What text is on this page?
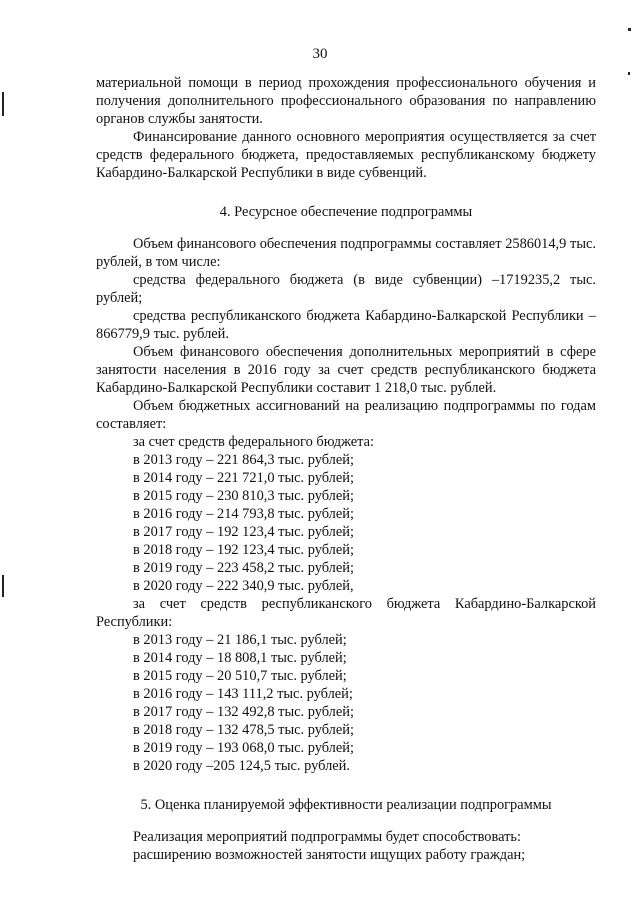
30

материальной помощи в период прохождения профессионального обучения и получения дополнительного профессионального образования по направлению органов службы занятости.

Финансирование данного основного мероприятия осуществляется за счет средств федерального бюджета, предоставляемых республиканскому бюджету Кабардино-Балкарской Республики в виде субвенций.

4. Ресурсное обеспечение подпрограммы

Объем финансового обеспечения подпрограммы составляет 2586014,9 тыс. рублей, в том числе:

средства федерального бюджета (в виде субвенции) –1719235,2 тыс. рублей;

средства республиканского бюджета Кабардино-Балкарской Республики –866779,9 тыс. рублей.

Объем финансового обеспечения дополнительных мероприятий в сфере занятости населения в 2016 году за счет средств республиканского бюджета Кабардино-Балкарской Республики составит 1 218,0 тыс. рублей.

Объем бюджетных ассигнований на реализацию подпрограммы по годам составляет:

за счет средств федерального бюджета:

в 2013 году – 221 864,3 тыс. рублей;
в 2014 году – 221 721,0 тыс. рублей;
в 2015 году – 230 810,3 тыс. рублей;
в 2016 году – 214 793,8 тыс. рублей;
в 2017 году – 192 123,4 тыс. рублей;
в 2018 году – 192 123,4 тыс. рублей;
в 2019 году – 223 458,2 тыс. рублей;
в 2020 году – 222 340,9 тыс. рублей,

за счет средств республиканского бюджета Кабардино-Балкарской Республики:

в 2013 году – 21 186,1 тыс. рублей;
в 2014 году – 18 808,1 тыс. рублей;
в 2015 году – 20 510,7 тыс. рублей;
в 2016 году – 143 111,2 тыс. рублей;
в 2017 году – 132 492,8 тыс. рублей;
в 2018 году – 132 478,5 тыс. рублей;
в 2019 году – 193 068,0 тыс. рублей;
в 2020 году –205 124,5 тыс. рублей.

5. Оценка планируемой эффективности реализации подпрограммы

Реализация мероприятий подпрограммы будет способствовать:

расширению возможностей занятости ищущих работу граждан;
